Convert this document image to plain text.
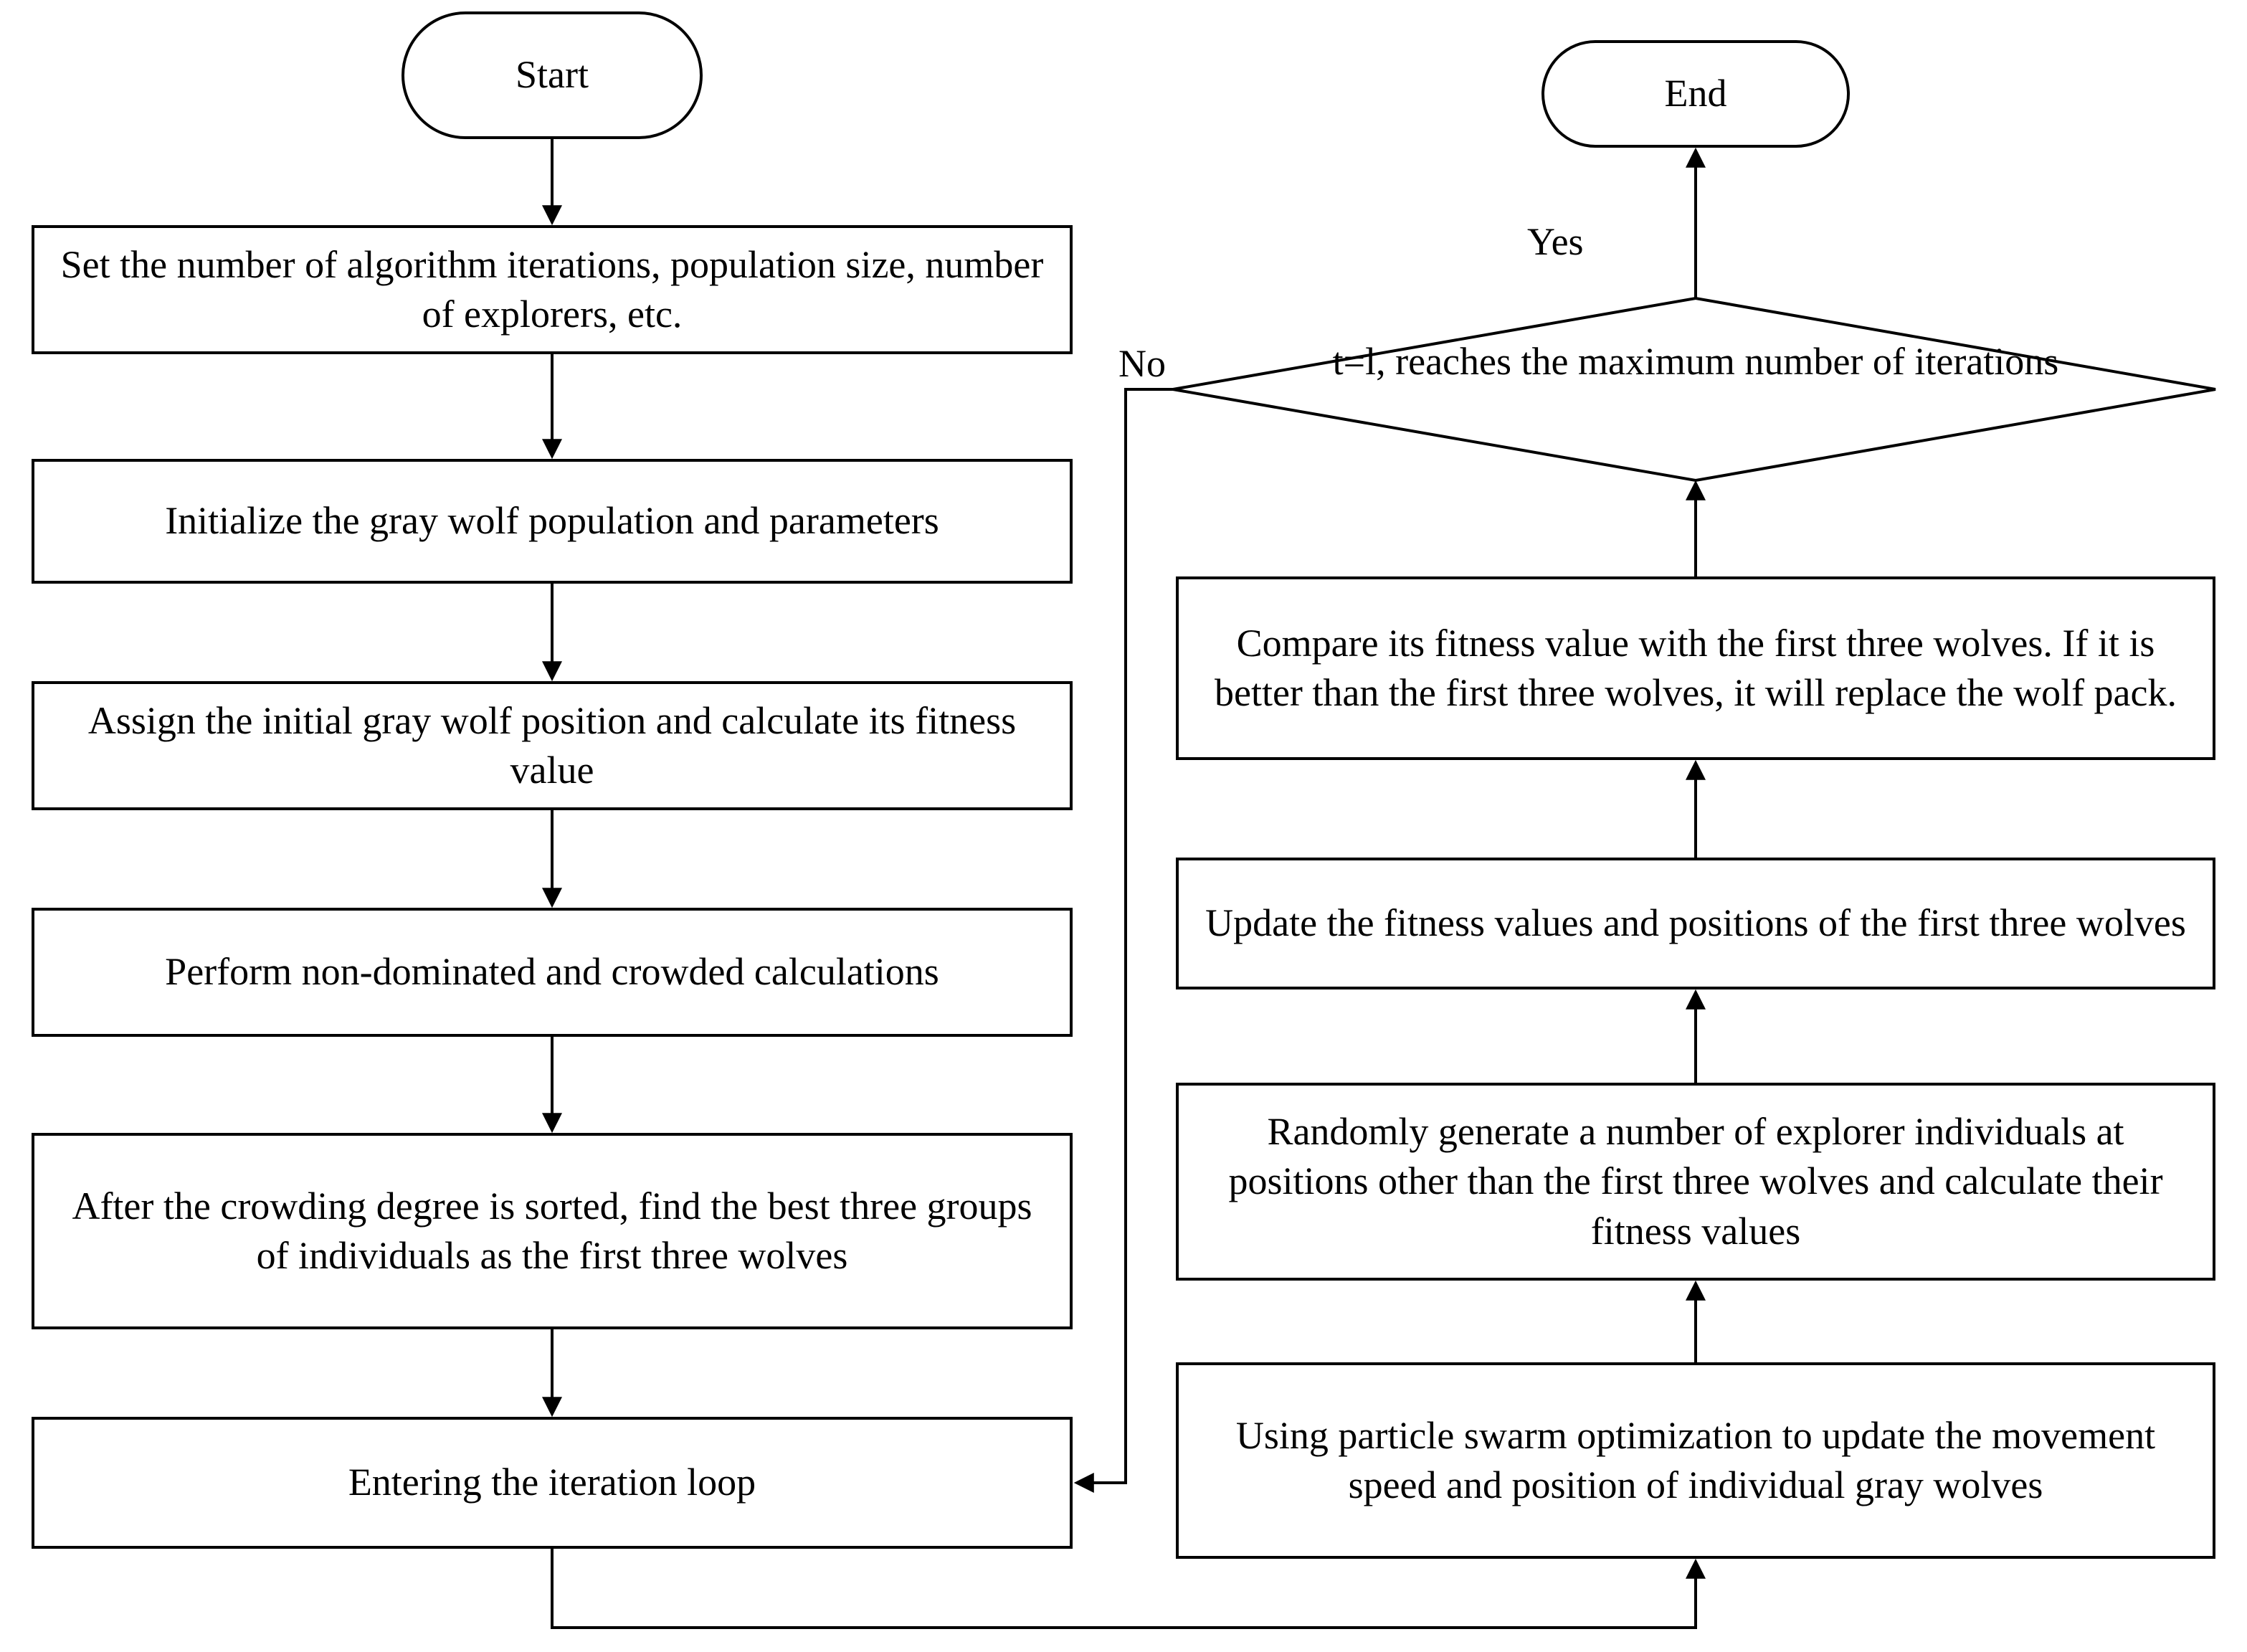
Start	End
Set the number of algorithm iterations, population size, number of explorers, etc.
Initialize the gray wolf population and parameters
Assign the initial gray wolf position and calculate its fitness value
Perform non-dominated and crowded calculations
After the crowding degree is sorted, find the best three groups of individuals as the first three wolves
Entering the iteration loop
Using particle swarm optimization to update the movement speed and position of individual gray wolves
Randomly generate a number of explorer individuals at positions other than the first three wolves and calculate their fitness values
Update the fitness values and positions of the first three wolves
Compare its fitness value with the first three wolves. If it is better than the first three wolves, it will replace the wolf pack.
t=l, reaches the maximum number of iterations
Yes
No
